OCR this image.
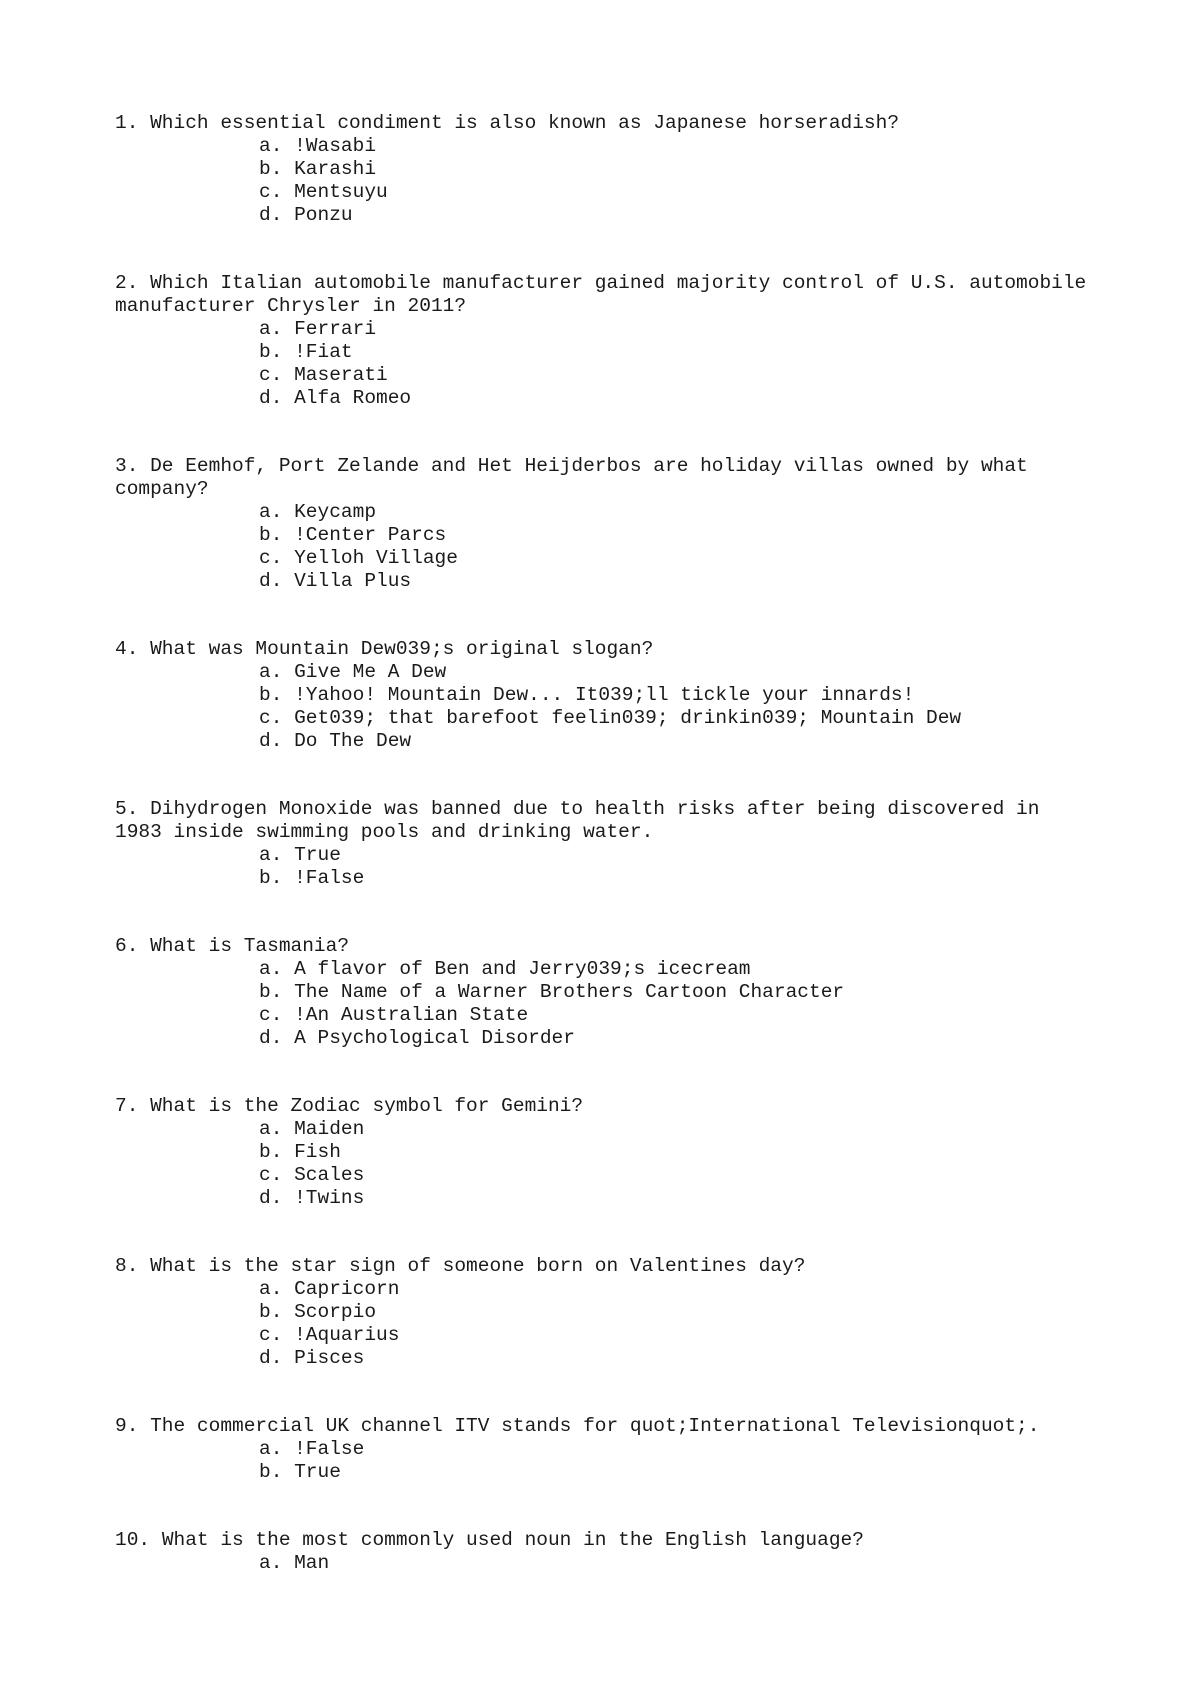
1 . Which essential condiment is also known as Japanese horseradish?

a . !Wasabi
b . Karashi
c . Mentsuyu
d . Ponzu

2 . Which Italian automobile manufacturer gained majority control of U.S. automobile manufacturer Chrysler in 2011?

a . Ferrari
b . !Fiat
c . Maserati
d . Alfa Romeo

3 . De Eemhof, Port Zelande and Het Heijderbos are holiday villas owned by what company?

a . Keycamp
b . !Center Parcs
c . Yelloh Village
d . Villa Plus

4 . What was Mountain Dew039;s original slogan?

a . Give Me A Dew
b . !Yahoo! Mountain Dew... It039;ll tickle your innards!
c . Get039; that barefoot feelin039; drinkin039; Mountain Dew
d . Do The Dew

5 . Dihydrogen Monoxide was banned due to health risks after being discovered in 1983 inside swimming pools and drinking water.

a . True
b . !False

6 . What is Tasmania?

a . A flavor of Ben and Jerry039;s icecream
b . The Name of a Warner Brothers Cartoon Character
c . !An Australian State
d . A Psychological Disorder

7 . What is the Zodiac symbol for Gemini?

a . Maiden
b . Fish
c . Scales
d . !Twins

8 . What is the star sign of someone born on Valentines day?

a . Capricorn
b . Scorpio
c . !Aquarius
d . Pisces

9 . The commercial UK channel ITV stands for quot;International Televisionquot;.

a . !False
b . True

10 . What is the most commonly used noun in the English language?

a . Man
